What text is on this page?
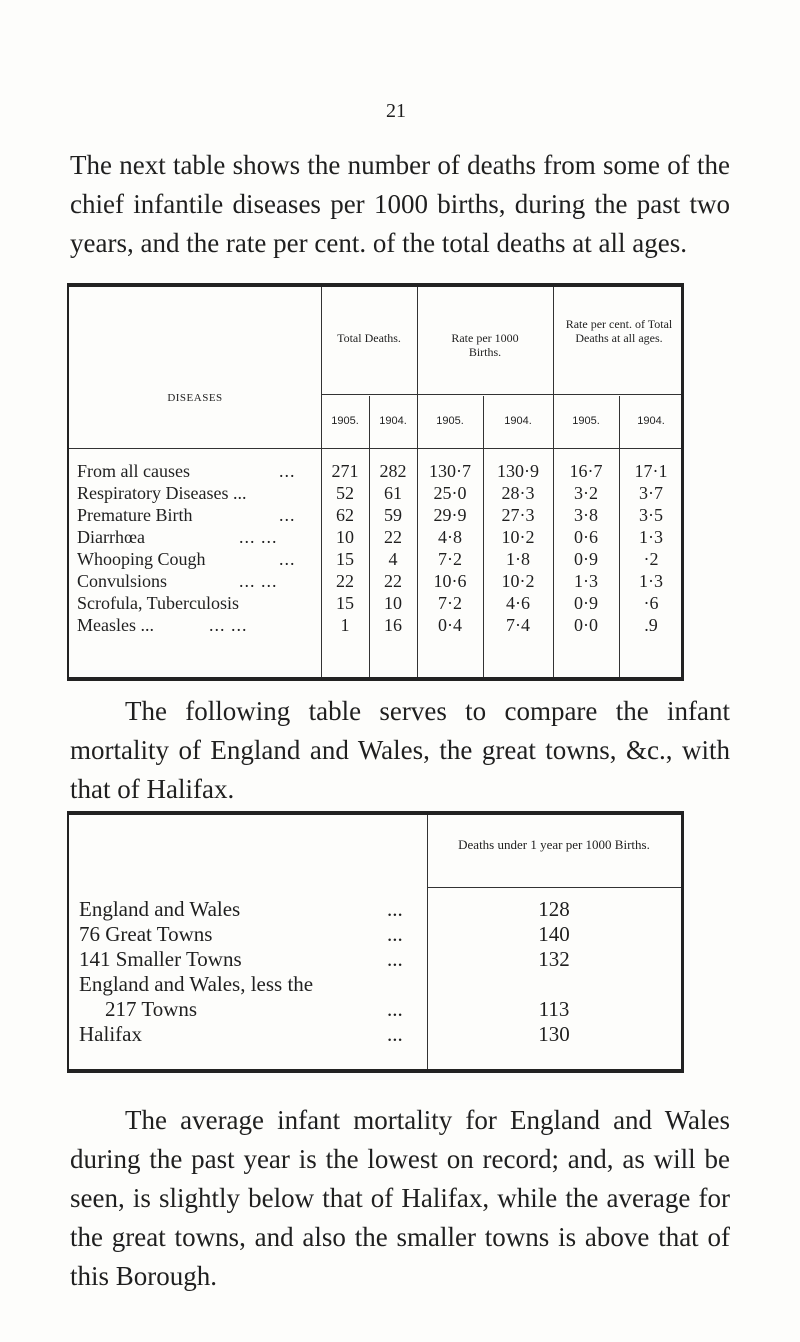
21

The next table shows the number of deaths from some of the chief infantile diseases per 1000 births, during the past two years, and the rate per cent. of the total deaths at all ages.

DISEASES
Total Deaths.	Rate per 1000 Births.
Rate per cent. of Total Deaths at all ages.
1905.	1904.	1905.	1904.	1905.	1904.
From all causes	...	271	282	130·7	130·9	16·7	17·1
Respiratory Diseases ...	52	61	25·0	28·3	3·2	3·7
Premature Birth	...	62	59	29·9	27·3	3·8	3·5
Diarrhœa	... ...	10	22	4·8	10·2	0·6	1·3
Whooping Cough	...	15	4	7·2	1·8	0·9	·2
Convulsions	... ...	22	22	10·6	10·2	1·3	1·3
Scrofula, Tuberculosis	15	10	7·2	4·6	0·9	·6
Measles ...	... ...	1	16	0·4	7·4	0·0	.9

The following table serves to compare the infant mortality of England and Wales, the great towns, &c., with that of Halifax.

Deaths under 1 year per 1000 Births.
England and Wales	...	128
76 Great Towns	...	140
141 Smaller Towns	...	132
England and Wales, less the
217 Towns	...	113
Halifax	...	130

The average infant mortality for England and Wales during the past year is the lowest on record; and, as will be seen, is slightly below that of Halifax, while the average for the great towns, and also the smaller towns is above that of this Borough.
